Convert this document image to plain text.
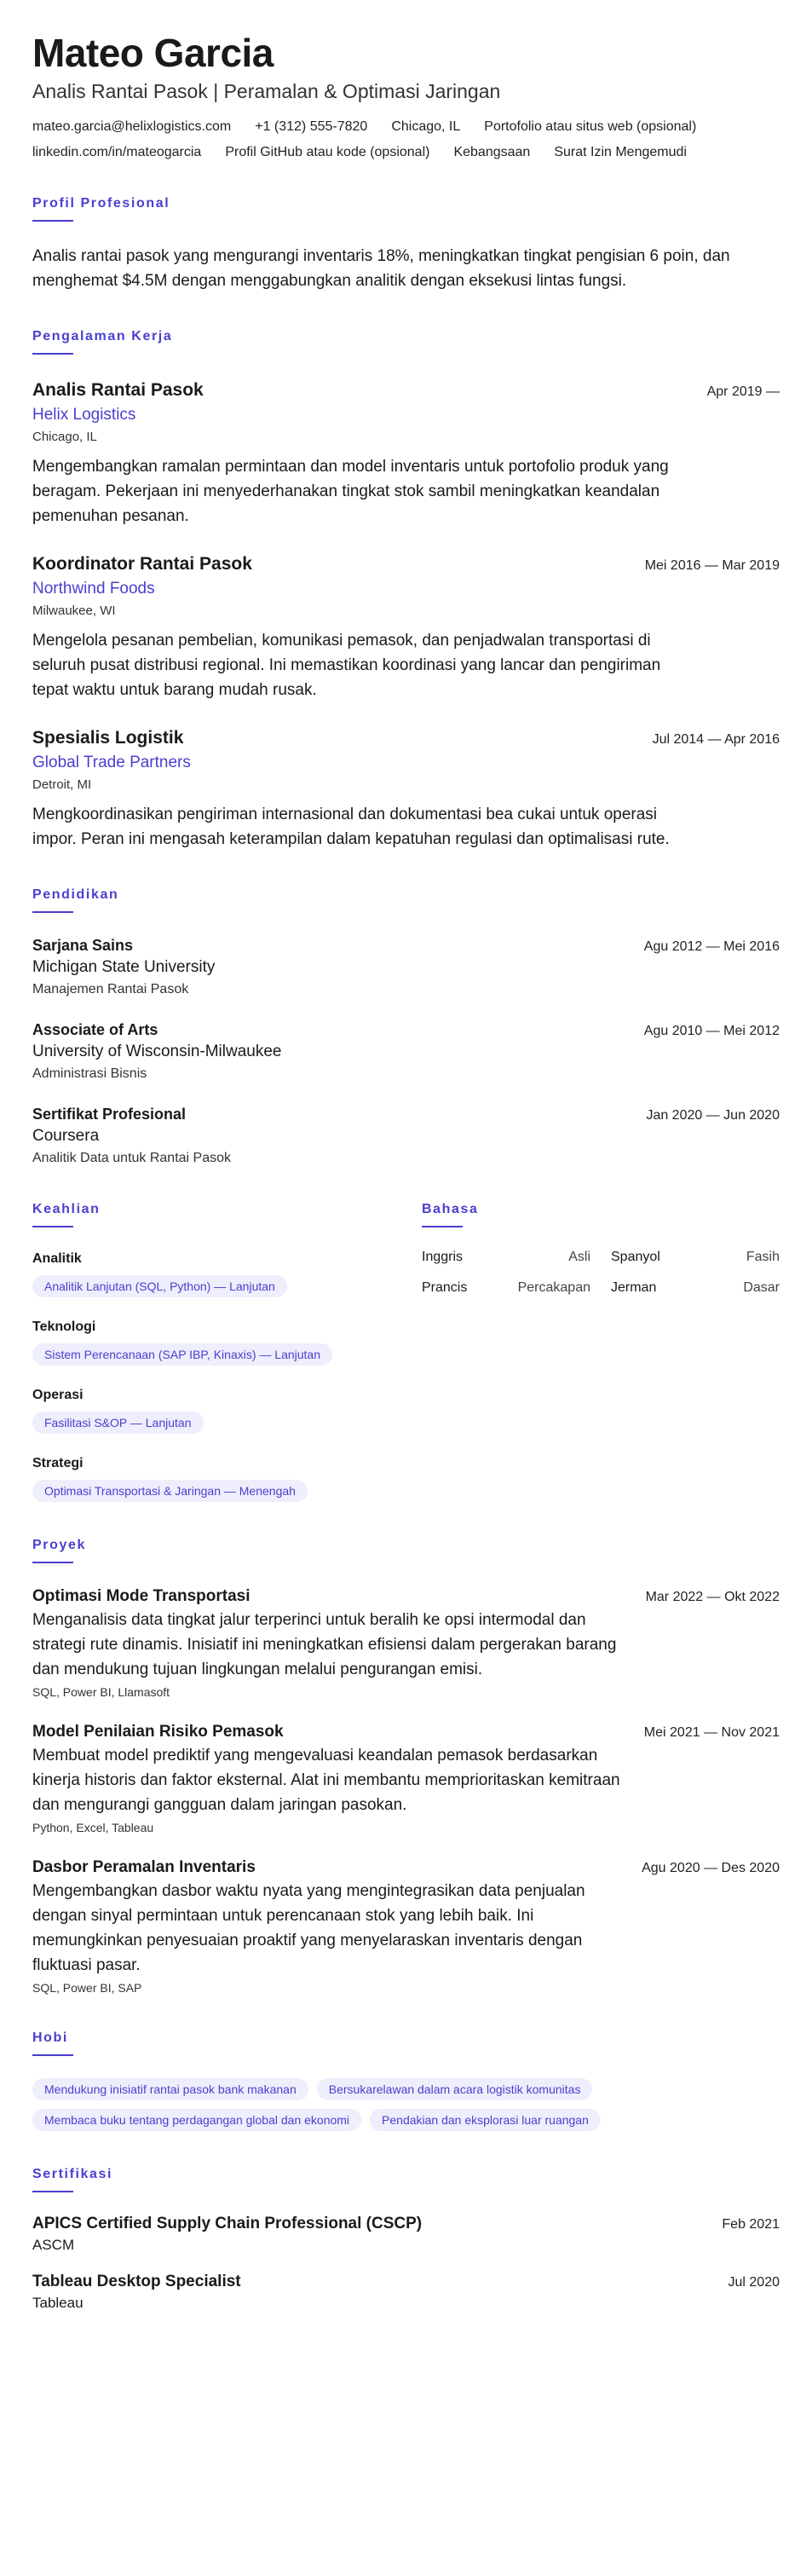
Mateo Garcia
Analis Rantai Pasok | Peramalan & Optimasi Jaringan
mateo.garcia@helixlogistics.com +1 (312) 555-7820 Chicago, IL Portofolio atau situs web (opsional)
linkedin.com/in/mateogarcia Profil GitHub atau kode (opsional) Kebangsaan Surat Izin Mengemudi
Profil Profesional
Analis rantai pasok yang mengurangi inventaris 18%, meningkatkan tingkat pengisian 6 poin, dan menghemat $4.5M dengan menggabungkan analitik dengan eksekusi lintas fungsi.
Pengalaman Kerja
Analis Rantai Pasok	Apr 2019 —
Helix Logistics
Chicago, IL
Mengembangkan ramalan permintaan dan model inventaris untuk portofolio produk yang beragam. Pekerjaan ini menyederhanakan tingkat stok sambil meningkatkan keandalan pemenuhan pesanan.
Koordinator Rantai Pasok	Mei 2016 — Mar 2019
Northwind Foods
Milwaukee, WI
Mengelola pesanan pembelian, komunikasi pemasok, dan penjadwalan transportasi di seluruh pusat distribusi regional. Ini memastikan koordinasi yang lancar dan pengiriman tepat waktu untuk barang mudah rusak.
Spesialis Logistik	Jul 2014 — Apr 2016
Global Trade Partners
Detroit, MI
Mengkoordinasikan pengiriman internasional dan dokumentasi bea cukai untuk operasi impor. Peran ini mengasah keterampilan dalam kepatuhan regulasi dan optimalisasi rute.
Pendidikan
Sarjana Sains	Agu 2012 — Mei 2016
Michigan State University
Manajemen Rantai Pasok
Associate of Arts	Agu 2010 — Mei 2012
University of Wisconsin-Milwaukee
Administrasi Bisnis
Sertifikat Profesional	Jan 2020 — Jun 2020
Coursera
Analitik Data untuk Rantai Pasok
Keahlian
Analitik
Analitik Lanjutan (SQL, Python) — Lanjutan
Teknologi
Sistem Perencanaan (SAP IBP, Kinaxis) — Lanjutan
Operasi
Fasilitasi S&OP — Lanjutan
Strategi
Optimasi Transportasi & Jaringan — Menengah
Bahasa
Inggris	Asli Spanyol	Fasih
Prancis	Percakapan Jerman	Dasar
Proyek
Optimasi Mode Transportasi	Mar 2022 — Okt 2022
Menganalisis data tingkat jalur terperinci untuk beralih ke opsi intermodal dan strategi rute dinamis. Inisiatif ini meningkatkan efisiensi dalam pergerakan barang dan mendukung tujuan lingkungan melalui pengurangan emisi.
SQL, Power BI, Llamasoft
Model Penilaian Risiko Pemasok	Mei 2021 — Nov 2021
Membuat model prediktif yang mengevaluasi keandalan pemasok berdasarkan kinerja historis dan faktor eksternal. Alat ini membantu memprioritaskan kemitraan dan mengurangi gangguan dalam jaringan pasokan.
Python, Excel, Tableau
Dasbor Peramalan Inventaris	Agu 2020 — Des 2020
Mengembangkan dasbor waktu nyata yang mengintegrasikan data penjualan dengan sinyal permintaan untuk perencanaan stok yang lebih baik. Ini memungkinkan penyesuaian proaktif yang menyelaraskan inventaris dengan fluktuasi pasar.
SQL, Power BI, SAP
Hobi
Mendukung inisiatif rantai pasok bank makanan	Bersukarelawan dalam acara logistik komunitas
Membaca buku tentang perdagangan global dan ekonomi	Pendakian dan eksplorasi luar ruangan
Sertifikasi
APICS Certified Supply Chain Professional (CSCP)	Feb 2021
ASCM
Tableau Desktop Specialist	Jul 2020
Tableau
